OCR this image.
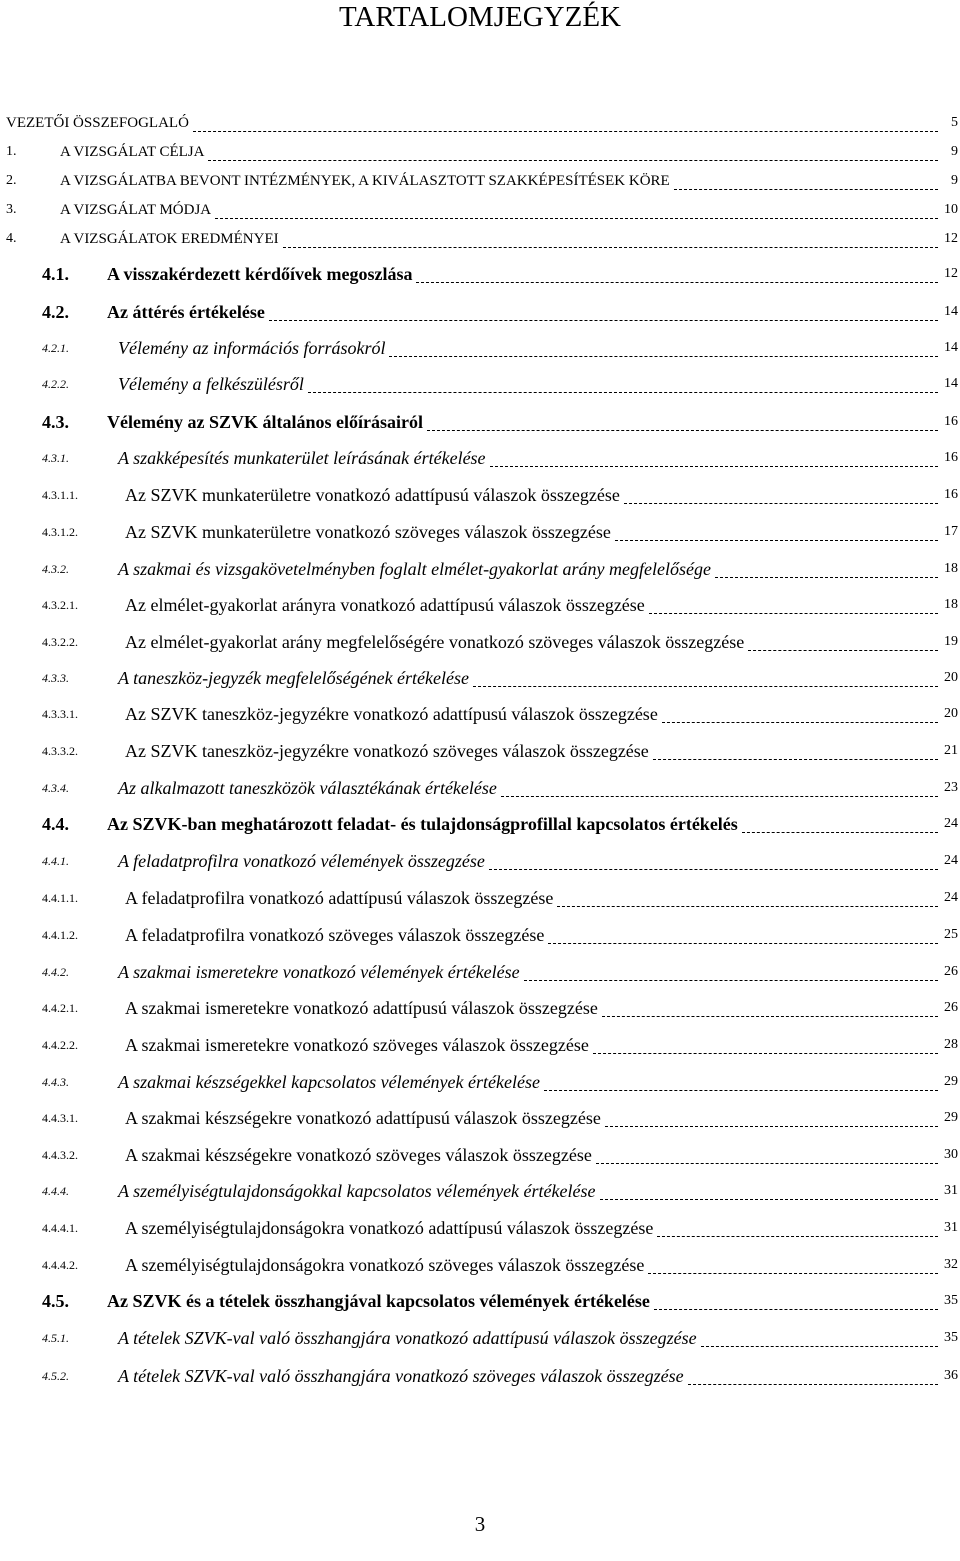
TARTALOMJEGYZÉK
VEZETŐI ÖSSZEFOGLALÓ	5
1.	A VIZSGÁLAT CÉLJA	9
2.	A VIZSGÁLATBA BEVONT INTÉZMÉNYEK, A KIVÁLASZTOTT SZAKKÉPESÍTÉSEK KÖRE	9
3.	A VIZSGÁLAT MÓDJA	10
4.	A VIZSGÁLATOK EREDMÉNYEI	12
4.1. A visszakérdezett kérdőívek megoszlása	12
4.2. Az áttérés értékelése	14
4.2.1.	Vélemény az információs forrásokról	14
4.2.2.	Vélemény a felkészülésről	14
4.3. Vélemény az SZVK általános előírásairól	16
4.3.1.	A szakképesítés munkaterület leírásának értékelése	16
4.3.1.1.	Az SZVK munkaterületre vonatkozó adattípusú válaszok összegzése	16
4.3.1.2.	Az SZVK munkaterületre vonatkozó szöveges válaszok összegzése	17
4.3.2.	A szakmai és vizsgakövetelményben foglalt elmélet-gyakorlat arány megfelelősége	18
4.3.2.1.	Az elmélet-gyakorlat arányra vonatkozó adattípusú válaszok összegzése	18
4.3.2.2.	Az elmélet-gyakorlat arány megfelelőségére vonatkozó szöveges válaszok összegzése	19
4.3.3.	A taneszköz-jegyzék megfelelőségének értékelése	20
4.3.3.1.	Az SZVK taneszköz-jegyzékre vonatkozó adattípusú válaszok összegzése	20
4.3.3.2.	Az SZVK taneszköz-jegyzékre vonatkozó szöveges válaszok összegzése	21
4.3.4.	Az alkalmazott taneszközök választékának értékelése	23
4.4. Az SZVK-ban meghatározott feladat- és tulajdonságprofillal kapcsolatos értékelés	24
4.4.1.	A feladatprofilra vonatkozó vélemények összegzése	24
4.4.1.1.	A feladatprofilra vonatkozó adattípusú válaszok összegzése	24
4.4.1.2.	A feladatprofilra vonatkozó szöveges válaszok összegzése	25
4.4.2.	A szakmai ismeretekre vonatkozó vélemények értékelése	26
4.4.2.1.	A szakmai ismeretekre vonatkozó adattípusú válaszok összegzése	26
4.4.2.2.	A szakmai ismeretekre vonatkozó szöveges válaszok összegzése	28
4.4.3.	A szakmai készségekkel kapcsolatos vélemények értékelése	29
4.4.3.1.	A szakmai készségekre vonatkozó adattípusú válaszok összegzése	29
4.4.3.2.	A szakmai készségekre vonatkozó szöveges válaszok összegzése	30
4.4.4.	A személyiségtulajdonságokkal kapcsolatos vélemények értékelése	31
4.4.4.1.	A személyiségtulajdonságokra vonatkozó adattípusú válaszok összegzése	31
4.4.4.2.	A személyiségtulajdonságokra vonatkozó szöveges válaszok összegzése	32
4.5. Az SZVK és a tételek összhangjával kapcsolatos vélemények értékelése	35
4.5.1.	A tételek SZVK-val való összhangjára vonatkozó adattípusú válaszok összegzése	35
4.5.2.	A tételek SZVK-val való összhangjára vonatkozó szöveges válaszok összegzése	36
3
